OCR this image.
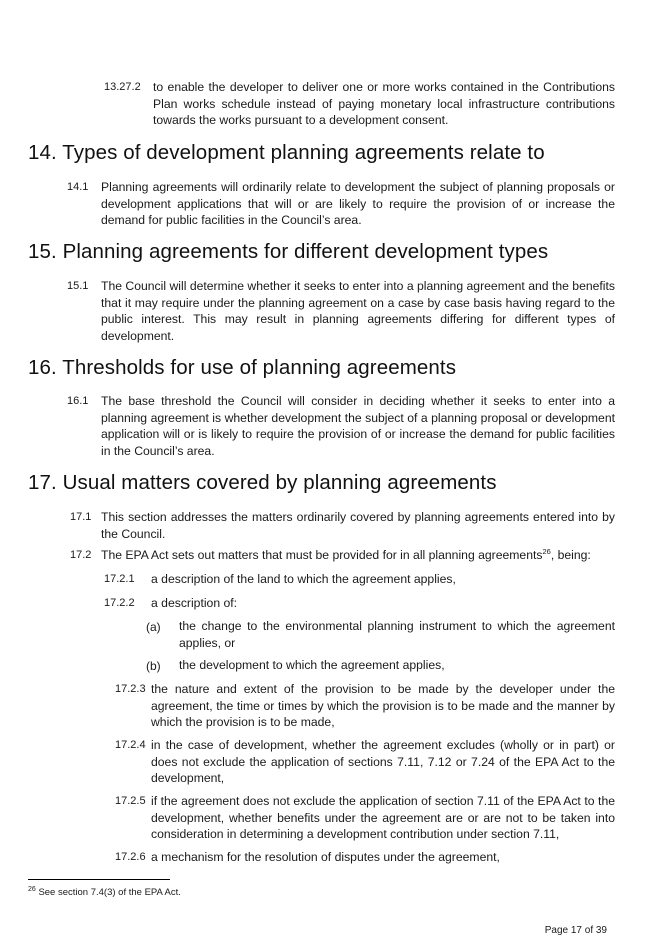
13.27.2 to enable the developer to deliver one or more works contained in the Contributions Plan works schedule instead of paying monetary local infrastructure contributions towards the works pursuant to a development consent.
14. Types of development planning agreements relate to
14.1 Planning agreements will ordinarily relate to development the subject of planning proposals or development applications that will or are likely to require the provision of or increase the demand for public facilities in the Council’s area.
15. Planning agreements for different development types
15.1 The Council will determine whether it seeks to enter into a planning agreement and the benefits that it may require under the planning agreement on a case by case basis having regard to the public interest. This may result in planning agreements differing for different types of development.
16. Thresholds for use of planning agreements
16.1 The base threshold the Council will consider in deciding whether it seeks to enter into a planning agreement is whether development the subject of a planning proposal or development application will or is likely to require the provision of or increase the demand for public facilities in the Council’s area.
17. Usual matters covered by planning agreements
17.1 This section addresses the matters ordinarily covered by planning agreements entered into by the Council.
17.2 The EPA Act sets out matters that must be provided for in all planning agreements$^{26}$, being:
17.2.1 a description of the land to which the agreement applies,
17.2.2 a description of:
(a) the change to the environmental planning instrument to which the agreement applies, or
(b) the development to which the agreement applies,
17.2.3 the nature and extent of the provision to be made by the developer under the agreement, the time or times by which the provision is to be made and the manner by which the provision is to be made,
17.2.4 in the case of development, whether the agreement excludes (wholly or in part) or does not exclude the application of sections 7.11, 7.12 or 7.24 of the EPA Act to the development,
17.2.5 if the agreement does not exclude the application of section 7.11 of the EPA Act to the development, whether benefits under the agreement are or are not to be taken into consideration in determining a development contribution under section 7.11,
17.2.6 a mechanism for the resolution of disputes under the agreement,
$^{26}$ See section 7.4(3) of the EPA Act.
Page 17 of 39
